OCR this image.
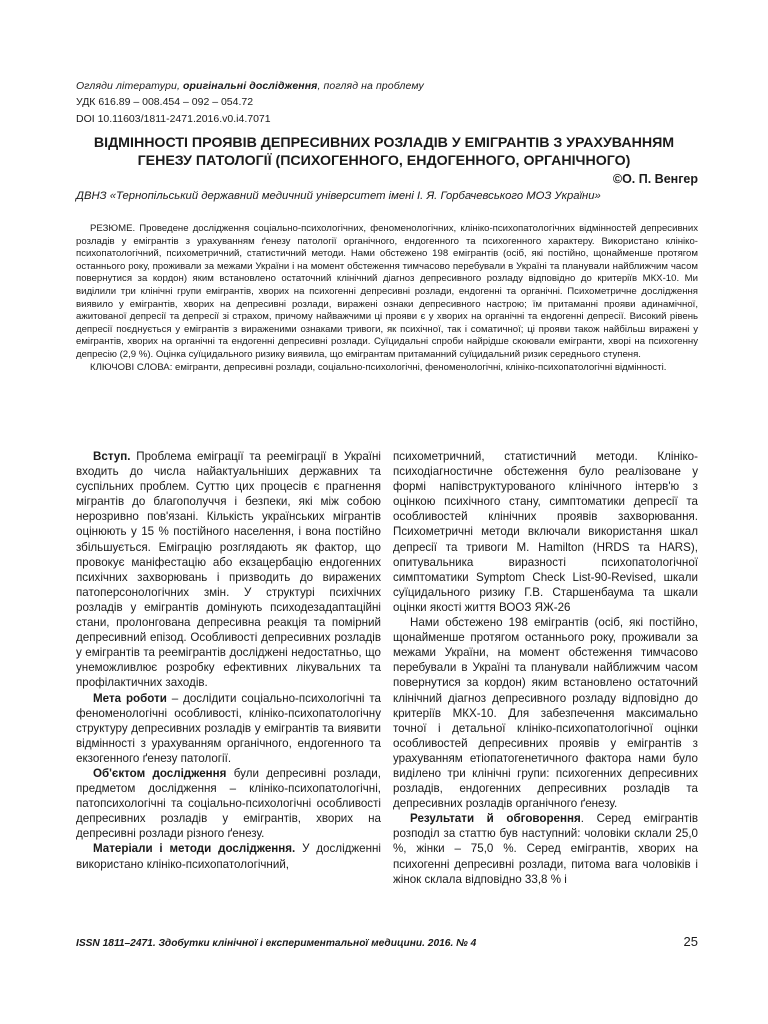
Огляди літератури, оригінальні дослідження, погляд на проблему
УДК 616.89 – 008.454 – 092 – 054.72
DOI 10.11603/1811-2471.2016.v0.i4.7071
ВІДМІННОСТІ ПРОЯВІВ ДЕПРЕСИВНИХ РОЗЛАДІВ У ЕМІГРАНТІВ З УРАХУВАННЯМ ГЕНЕЗУ ПАТОЛОГІЇ (ПСИХОГЕННОГО, ЕНДОГЕННОГО, ОРГАНІЧНОГО)
©О. П. Венгер
ДВНЗ «Тернопільський державний медичний університет імені І. Я. Горбачевського МОЗ України»

РЕЗЮМЕ. Проведене дослідження соціально-психологічних, феноменологічних, клініко-психопатологічних відмінностей депресивних розладів у емігрантів з урахуванням ґенезу патології органічного, ендогенного та психогенного характеру. Використано клініко-психопатологічний, психометричний, статистичний методи. Нами обстежено 198 емігрантів (осіб, які постійно, щонайменше протягом останнього року, проживали за межами України і на момент обстеження тимчасово перебували в Україні та планували найближчим часом повернутися за кордон) яким встановлено остаточний клінічний діагноз депресивного розладу відповідно до критеріїв МКХ-10. Ми виділили три клінічні групи емігрантів, хворих на психогенні депресивні розлади, ендогенні та органічні. Психометричне дослідження виявило у емігрантів, хворих на депресивні розлади, виражені ознаки депресивного настрою; їм притаманні прояви адинамічної, ажитованої депресії та депресії зі страхом, причому найважчими ці прояви є у хворих на органічні та ендогенні депресії. Високий рівень депресії поєднується у емігрантів з вираженими ознаками тривоги, як психічної, так і соматичної; ці прояви також найбільш виражені у емігрантів, хворих на органічні та ендогенні депресивні розлади. Суїцидальні спроби найрідше скоювали емігранти, хворі на психогенну депресію (2,9 %). Оцінка суїцидального ризику виявила, що емігрантам притаманний суїцидальний ризик середнього ступеня.

КЛЮЧОВІ СЛОВА: емігранти, депресивні розлади, соціально-психологічні, феноменологічні, клініко-психопатологічні відмінності.

Вступ. Проблема еміграції та рееміграції в Україні входить до числа найактуальніших державних та суспільних проблем. Суттю цих процесів є прагнення мігрантів до благополуччя і безпеки, які між собою нерозривно пов'язані. Кількість українських мігрантів оцінюють у 15 % постійного населення, і вона постійно збільшується. Еміграцію розглядають як фактор, що провокує маніфестацію або екзацербацію ендогенних психічних захворювань і призводить до виражених патоперсонологічних змін. У структурі психічних розладів у емігрантів домінують психодезадаптаційні стани, пролонгована депресивна реакція та помірний депресивний епізод. Особливості депресивних розладів у емігрантів та реемігрантів досліджені недостатньо, що унеможливлює розробку ефективних лікувальних та профілактичних заходів.

Мета роботи – дослідити соціально-психологічні та феноменологічні особливості, клініко-психопатологічну структуру депресивних розладів у емігрантів та виявити відмінності з урахуванням органічного, ендогенного та екзогенного ґенезу патології.

Об'єктом дослідження були депресивні розлади, предметом дослідження – клініко-психопатологічні, патопсихологічні та соціально-психологічні особливості депресивних розладів у емігрантів, хворих на депресивні розлади різного ґенезу.

Матеріали і методи дослідження. У дослідженні використано клініко-психопатологічний,

психометричний, статистичний методи. Клініко-психодіагностичне обстеження було реалізоване у формі напівструктурованого клінічного інтерв'ю з оцінкою психічного стану, симптоматики депресії та особливостей клінічних проявів захворювання. Психометричні методи включали використання шкал депресії та тривоги М. Hamilton (HRDS та HARS), опитувальника виразності психопатологічної симптоматики Symptom Check List-90-Revised, шкали суїцидального ризику Г.В. Старшенбаума та шкали оцінки якості життя ВООЗ ЯЖ-26

Нами обстежено 198 емігрантів (осіб, які постійно, щонайменше протягом останнього року, проживали за межами України, на момент обстеження тимчасово перебували в Україні та планували найближчим часом повернутися за кордон) яким встановлено остаточний клінічний діагноз депресивного розладу відповідно до критеріїв МКХ-10. Для забезпечення максимально точної і детальної клініко-психопатологічної оцінки особливостей депресивних проявів у емігрантів з урахуванням етіопатогенетичного фактора нами було виділено три клінічні групи: психогенних депресивних розладів, ендогенних депресивних розладів та депресивних розладів органічного ґенезу.

Результати й обговорення. Серед емігрантів розподіл за статтю був наступний: чоловіки склали 25,0 %, жінки – 75,0 %. Серед емігрантів, хворих на психогенні депресивні розлади, питома вага чоловіків і жінок склала відповідно 33,8 % і

ISSN 1811–2471. Здобутки клінічної і експериментальної медицини. 2016. № 4	25
